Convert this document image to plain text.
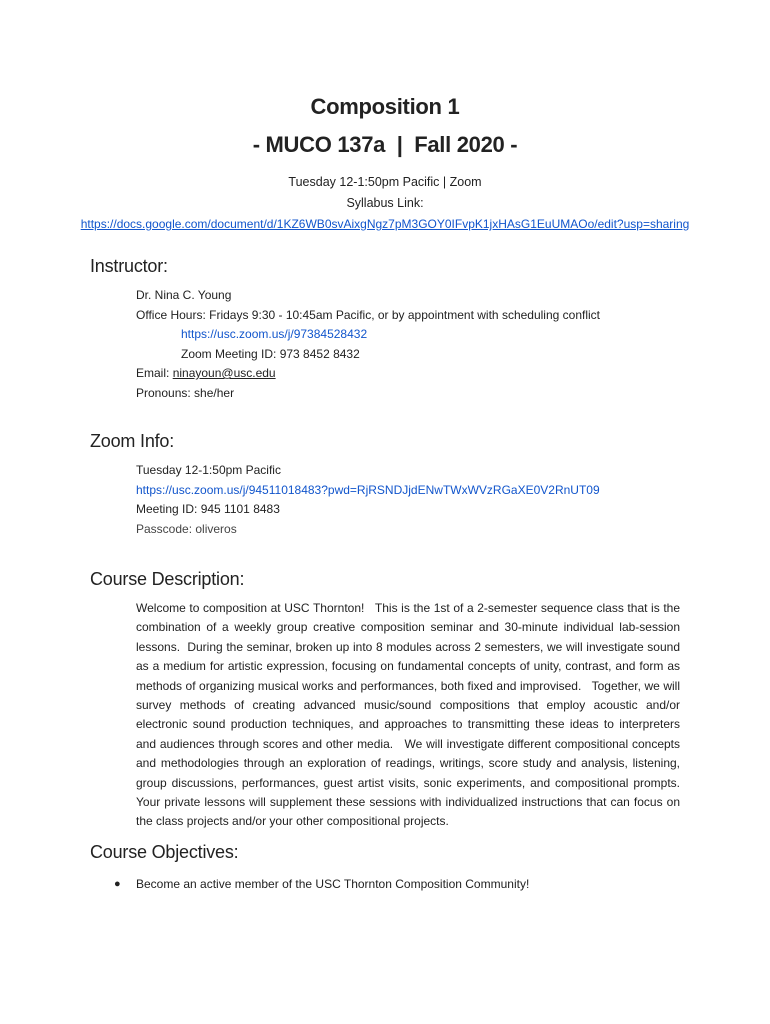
Composition 1
- MUCO 137a  |  Fall 2020 -
Tuesday 12-1:50pm Pacific | Zoom
Syllabus Link:
https://docs.google.com/document/d/1KZ6WB0svAixgNgz7pM3GOY0IFvpK1jxHAsG1EuUMAOo/edit?usp=sharing
Instructor:
Dr. Nina C. Young
Office Hours: Fridays 9:30 - 10:45am Pacific, or by appointment with scheduling conflict
https://usc.zoom.us/j/97384528432
Zoom Meeting ID: 973 8452 8432
Email: ninayoun@usc.edu
Pronouns: she/her
Zoom Info:
Tuesday 12-1:50pm Pacific
https://usc.zoom.us/j/94511018483?pwd=RjRSNDJjdENwTWxWVzRGaXE0V2RnUT09
Meeting ID: 945 1101 8483
Passcode: oliveros
Course Description:
Welcome to composition at USC Thornton!   This is the 1st of a 2-semester sequence class that is the combination of a weekly group creative composition seminar and 30-minute individual lab-session lessons.  During the seminar, broken up into 8 modules across 2 semesters, we will investigate sound as a medium for artistic expression, focusing on fundamental concepts of unity, contrast, and form as methods of organizing musical works and performances, both fixed and improvised.   Together, we will survey methods of creating advanced music/sound compositions that employ acoustic and/or electronic sound production techniques, and approaches to transmitting these ideas to interpreters and audiences through scores and other media.   We will investigate different compositional concepts and methodologies through an exploration of readings, writings, score study and analysis, listening, group discussions, performances, guest artist visits, sonic experiments, and compositional prompts. Your private lessons will supplement these sessions with individualized instructions that can focus on the class projects and/or your other compositional projects.
Course Objectives:
● Become an active member of the USC Thornton Composition Community!
